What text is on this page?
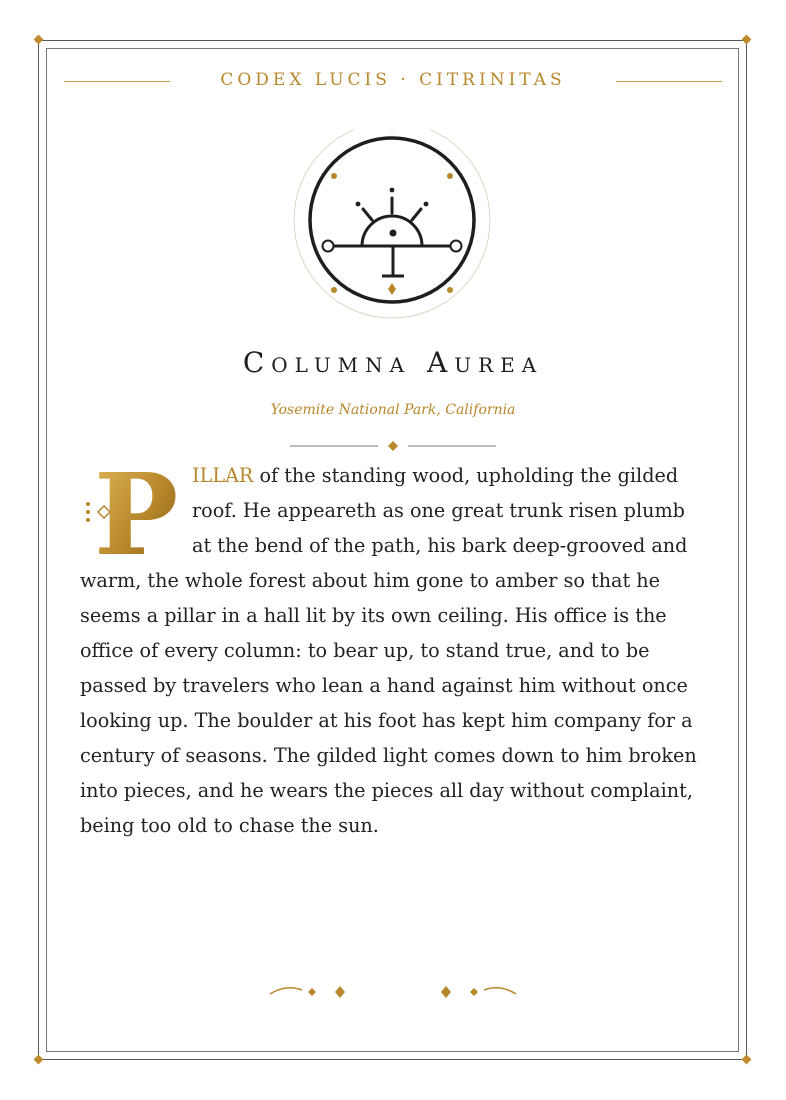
CODEX LUCIS · CITRINITAS
Columna Aurea
Yosemite National Park, California
P ILLAR of the standing wood, upholding the gilded roof. He appeareth as one great trunk risen plumb at the bend of the path, his bark deep-grooved and warm, the whole forest about him gone to amber so that he seems a pillar in a hall lit by its own ceiling. His office is the office of every column: to bear up, to stand true, and to be passed by travelers who lean a hand against him without once looking up. The boulder at his foot has kept him company for a century of seasons. The gilded light comes down to him broken into pieces, and he wears the pieces all day without complaint, being too old to chase the sun.
